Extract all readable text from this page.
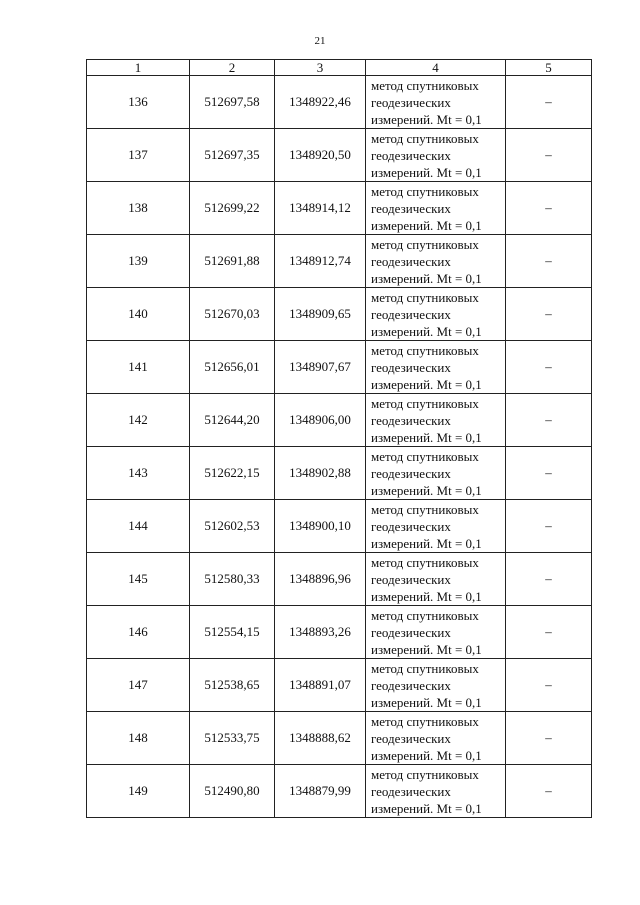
21
1	2	3	4	5
136	512697,58	1348922,46	метод спутниковых
геодезических
измерений. Mt = 0,1	–
137	512697,35	1348920,50	метод спутниковых
геодезических
измерений. Mt = 0,1	–
138	512699,22	1348914,12	метод спутниковых
геодезических
измерений. Mt = 0,1	–
139	512691,88	1348912,74	метод спутниковых
геодезических
измерений. Mt = 0,1	–
140	512670,03	1348909,65	метод спутниковых
геодезических
измерений. Mt = 0,1	–
141	512656,01	1348907,67	метод спутниковых
геодезических
измерений. Mt = 0,1	–
142	512644,20	1348906,00	метод спутниковых
геодезических
измерений. Mt = 0,1	–
143	512622,15	1348902,88	метод спутниковых
геодезических
измерений. Mt = 0,1	–
144	512602,53	1348900,10	метод спутниковых
геодезических
измерений. Mt = 0,1	–
145	512580,33	1348896,96	метод спутниковых
геодезических
измерений. Mt = 0,1	–
146	512554,15	1348893,26	метод спутниковых
геодезических
измерений. Mt = 0,1	–
147	512538,65	1348891,07	метод спутниковых
геодезических
измерений. Mt = 0,1	–
148	512533,75	1348888,62	метод спутниковых
геодезических
измерений. Mt = 0,1	–
149	512490,80	1348879,99	метод спутниковых
геодезических
измерений. Mt = 0,1	–
